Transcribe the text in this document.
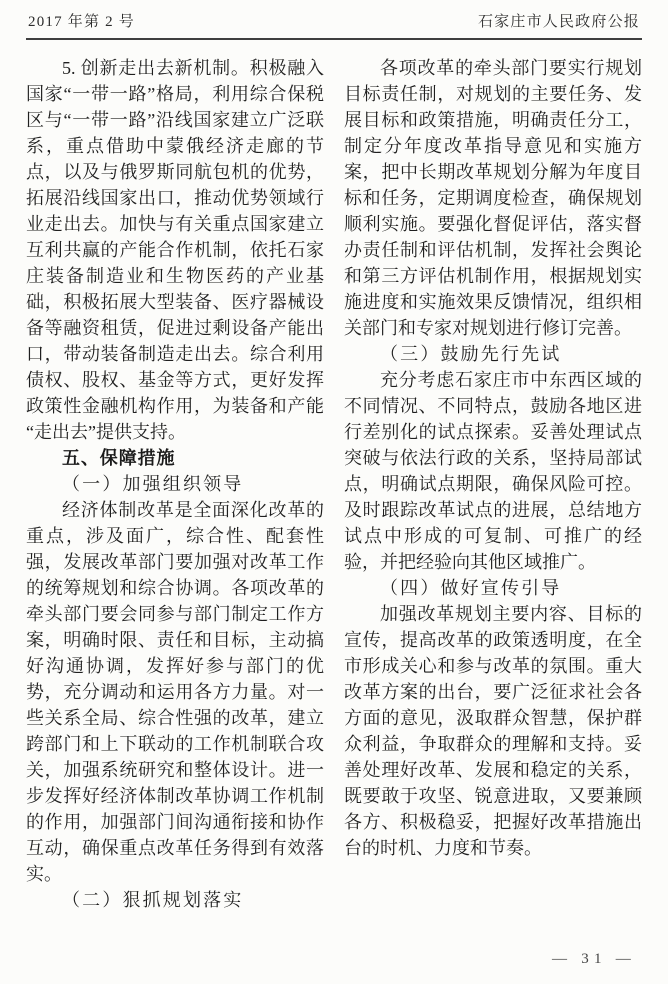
2017 年第 2 号	石家庄市人民政府公报

5. 创新走出去新机制。积极融入国家“一带一路”格局，利用综合保税区与“一带一路”沿线国家建立广泛联系，重点借助中蒙俄经济走廊的节点，以及与俄罗斯同航包机的优势，拓展沿线国家出口，推动优势领域行业走出去。加快与有关重点国家建立互利共赢的产能合作机制，依托石家庄装备制造业和生物医药的产业基础，积极拓展大型装备、医疗器械设备等融资租赁，促进过剩设备产能出口，带动装备制造走出去。综合利用债权、股权、基金等方式，更好发挥政策性金融机构作用，为装备和产能“走出去”提供支持。

五、保障措施

（一）加强组织领导

经济体制改革是全面深化改革的重点，涉及面广，综合性、配套性强，发展改革部门要加强对改革工作的统筹规划和综合协调。各项改革的牵头部门要会同参与部门制定工作方案，明确时限、责任和目标，主动搞好沟通协调，发挥好参与部门的优势，充分调动和运用各方力量。对一些关系全局、综合性强的改革，建立跨部门和上下联动的工作机制联合攻关，加强系统研究和整体设计。进一步发挥好经济体制改革协调工作机制的作用，加强部门间沟通衔接和协作互动，确保重点改革任务得到有效落实。

（二）狠抓规划落实

各项改革的牵头部门要实行规划目标责任制，对规划的主要任务、发展目标和政策措施，明确责任分工，制定分年度改革指导意见和实施方案，把中长期改革规划分解为年度目标和任务，定期调度检查，确保规划顺利实施。要强化督促评估，落实督办责任制和评估机制，发挥社会舆论和第三方评估机制作用，根据规划实施进度和实施效果反馈情况，组织相关部门和专家对规划进行修订完善。

（三）鼓励先行先试

充分考虑石家庄市中东西区域的不同情况、不同特点，鼓励各地区进行差别化的试点探索。妥善处理试点突破与依法行政的关系，坚持局部试点，明确试点期限，确保风险可控。及时跟踪改革试点的进展，总结地方试点中形成的可复制、可推广的经验，并把经验向其他区域推广。

（四）做好宣传引导

加强改革规划主要内容、目标的宣传，提高改革的政策透明度，在全市形成关心和参与改革的氛围。重大改革方案的出台，要广泛征求社会各方面的意见，汲取群众智慧，保护群众利益，争取群众的理解和支持。妥善处理好改革、发展和稳定的关系，既要敢于攻坚、锐意进取，又要兼顾各方、积极稳妥，把握好改革措施出台的时机、力度和节奏。

— 31 —
